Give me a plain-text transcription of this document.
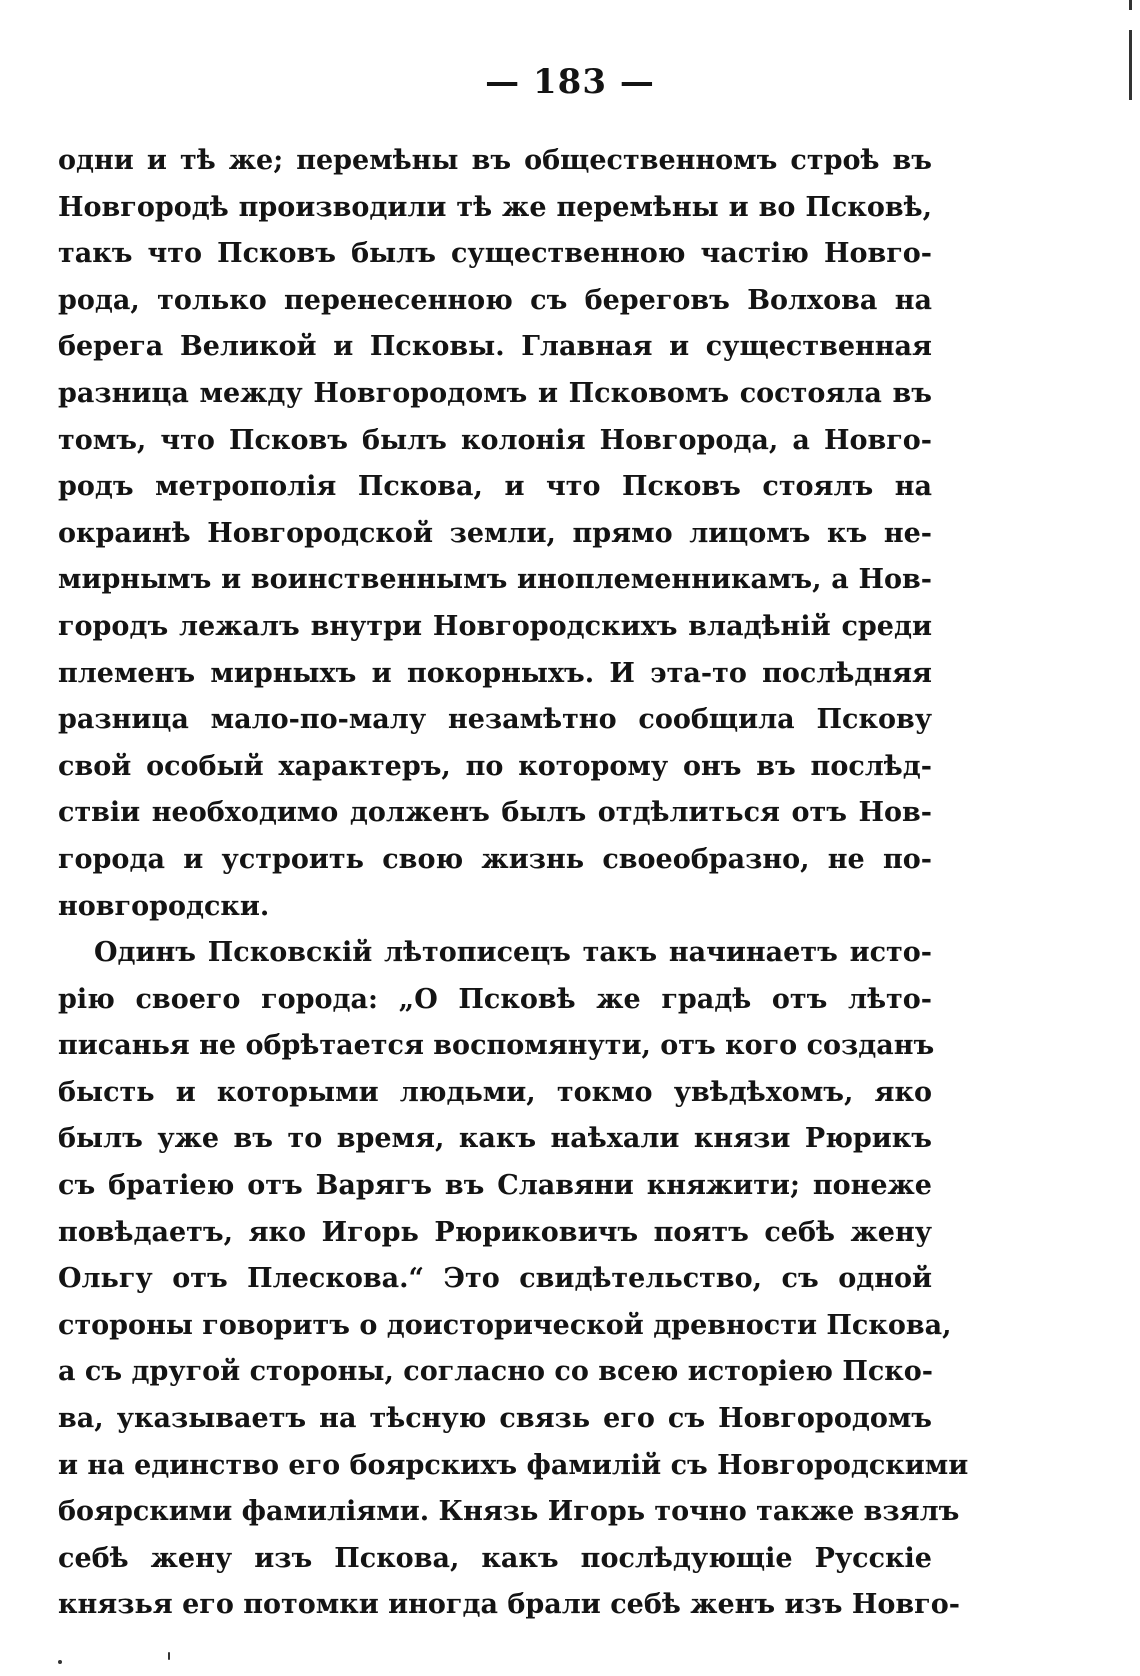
— 183 —
одни и тѣ же; перемѣны въ общественномъ строѣ въ
Новгородѣ производили тѣ же перемѣны и во Псковѣ,
такъ что Псковъ былъ существенною частію Новго-
рода, только перенесенною съ береговъ Волхова на
берега Великой и Псковы. Главная и существенная
разница между Новгородомъ и Псковомъ состояла въ
томъ, что Псковъ былъ колонія Новгорода, а Новго-
родъ метрополія Пскова, и что Псковъ стоялъ на
окраинѣ Новгородской земли, прямо лицомъ къ не-
мирнымъ и воинственнымъ иноплеменникамъ, а Нов-
городъ лежалъ внутри Новгородскихъ владѣній среди
племенъ мирныхъ и покорныхъ. И эта-то послѣдняя
разница мало-по-малу незамѣтно сообщила Пскову
свой особый характеръ, по которому онъ въ послѣд-
ствіи необходимо долженъ былъ отдѣлиться отъ Нов-
города и устроить свою жизнь своеобразно, не по-
новгородски.
Одинъ Псковскій лѣтописецъ такъ начинаетъ исто-
рію своего города: „О Псковѣ же градѣ отъ лѣто-
писанья не обрѣтается воспомянути, отъ кого созданъ
бысть и которыми людьми, токмо увѣдѣхомъ, яко
былъ уже въ то время, какъ наѣхали князи Рюрикъ
съ братіею отъ Варягъ въ Славяни княжити; понеже
повѣдаетъ, яко Игорь Рюриковичъ поятъ себѣ жену
Ольгу отъ Плескова.“ Это свидѣтельство, съ одной
стороны говоритъ о доисторической древности Пскова,
а съ другой стороны, согласно со всею исторіею Пско-
ва, указываетъ на тѣсную связь его съ Новгородомъ
и на единство его боярскихъ фамилій съ Новгородскими
боярскими фамиліями. Князь Игорь точно также взялъ
себѣ жену изъ Пскова, какъ послѣдующіе Русскіе
князья его потомки иногда брали себѣ женъ изъ Новго-
